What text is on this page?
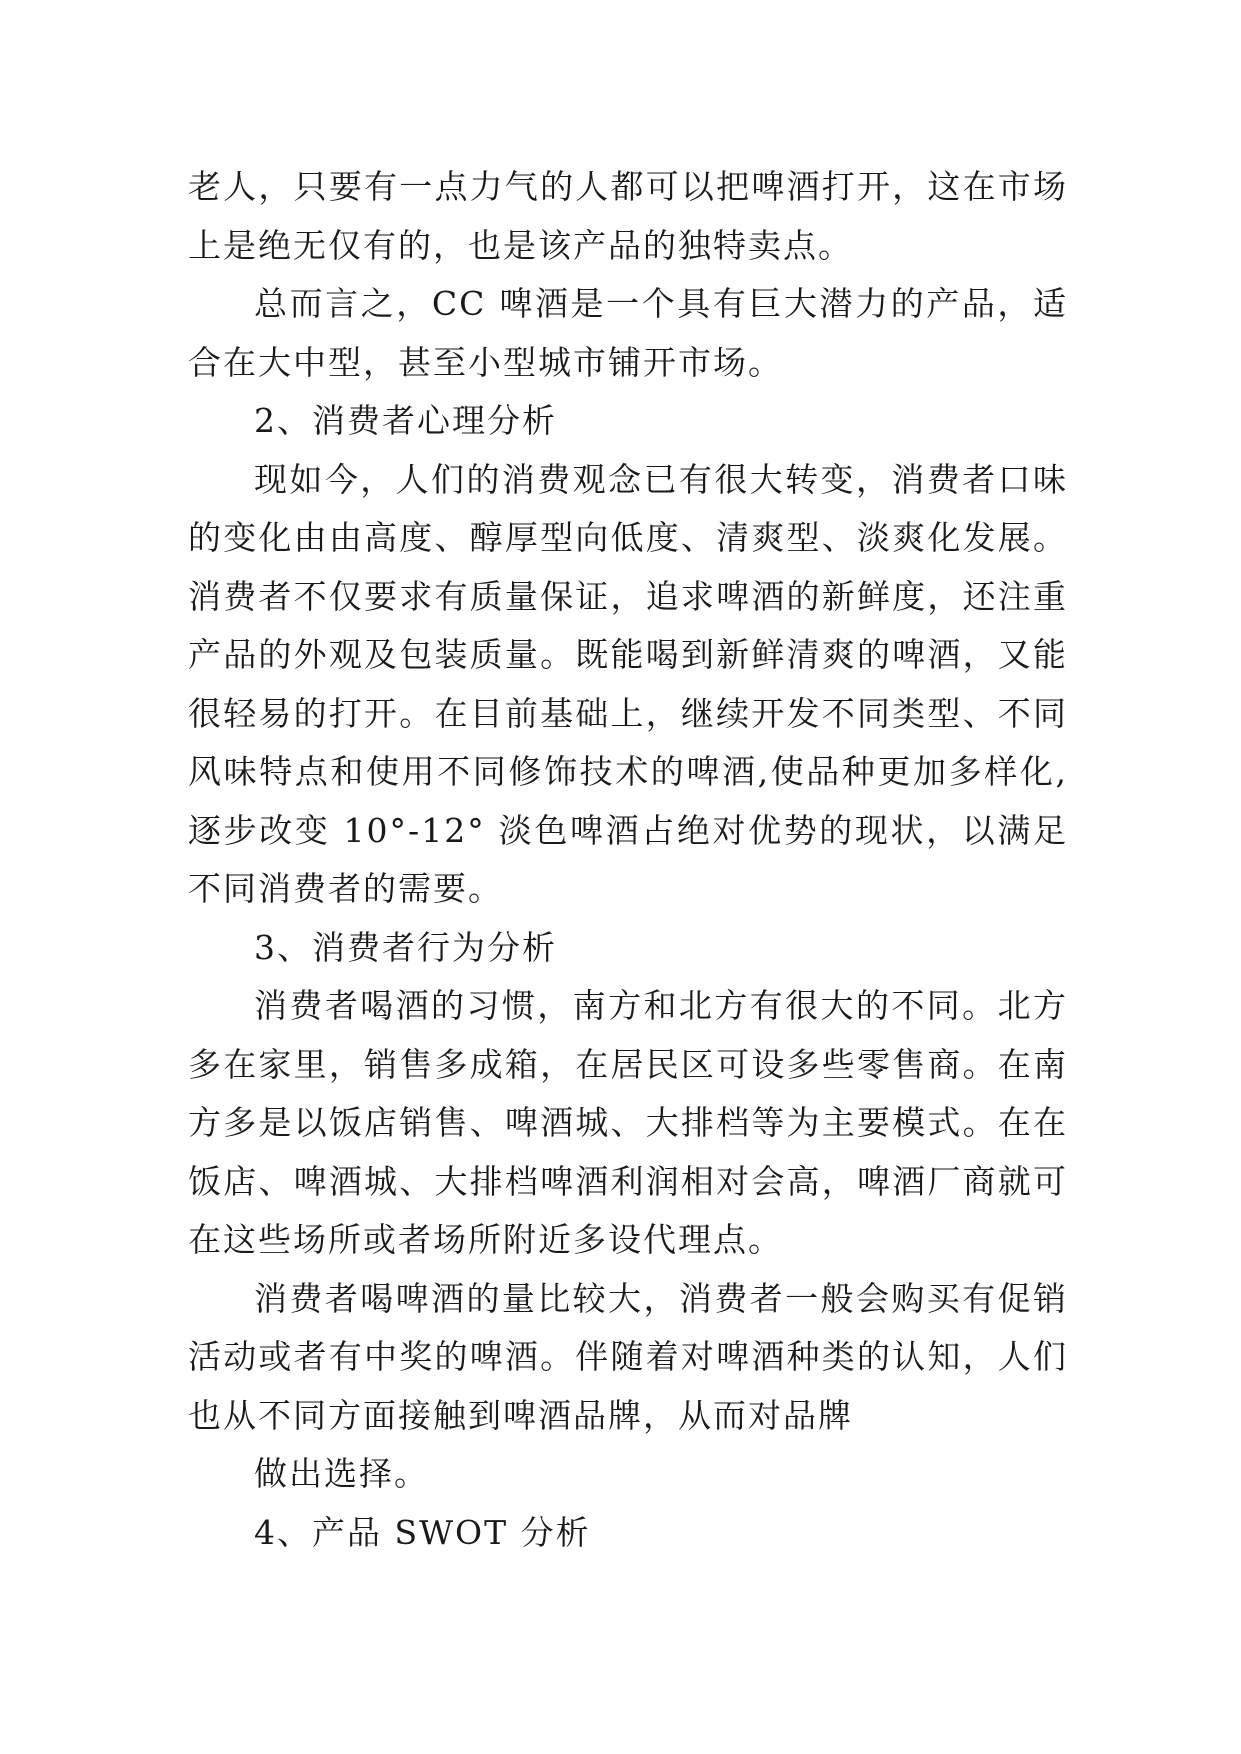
老人，只要有一点力气的人都可以把啤酒打开，这在市场上是绝无仅有的，也是该产品的独特卖点。

总而言之，CC 啤酒是一个具有巨大潜力的产品，适合在大中型，甚至小型城市铺开市场。

2、消费者心理分析

现如今，人们的消费观念已有很大转变，消费者口味的变化由由高度、醇厚型向低度、清爽型、淡爽化发展。消费者不仅要求有质量保证，追求啤酒的新鲜度，还注重产品的外观及包装质量。既能喝到新鲜清爽的啤酒，又能很轻易的打开。在目前基础上，继续开发不同类型、不同风味特点和使用不同修饰技术的啤酒,使品种更加多样化,逐步改变 10°-12° 淡色啤酒占绝对优势的现状，以满足不同消费者的需要。

3、消费者行为分析

消费者喝酒的习惯，南方和北方有很大的不同。北方多在家里，销售多成箱，在居民区可设多些零售商。在南方多是以饭店销售、啤酒城、大排档等为主要模式。在在饭店、啤酒城、大排档啤酒利润相对会高，啤酒厂商就可在这些场所或者场所附近多设代理点。

消费者喝啤酒的量比较大，消费者一般会购买有促销活动或者有中奖的啤酒。伴随着对啤酒种类的认知，人们也从不同方面接触到啤酒品牌，从而对品牌

做出选择。

4、产品 SWOT 分析
